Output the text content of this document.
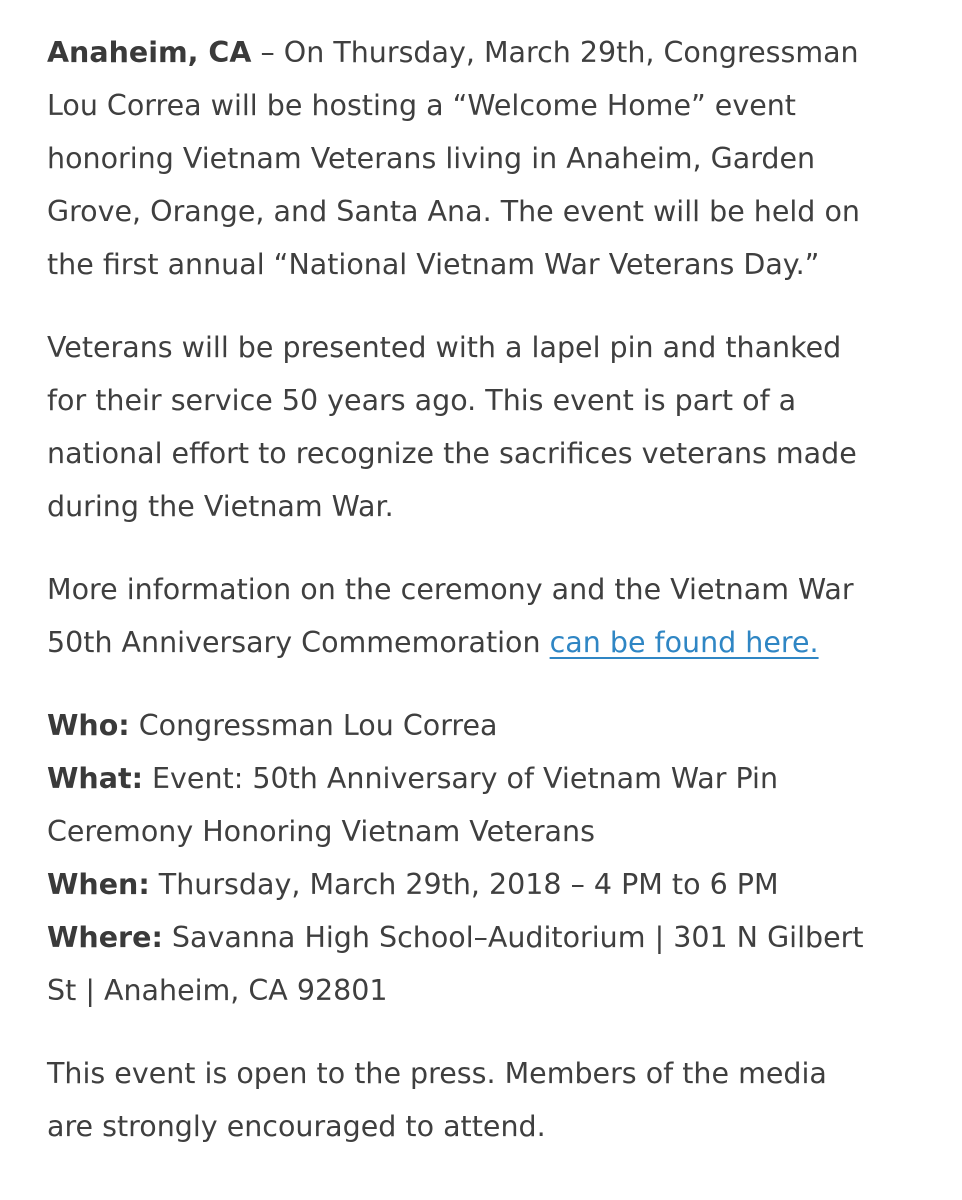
Anaheim, CA – On Thursday, March 29th, Congressman
Lou Correa will be hosting a “Welcome Home” event
honoring Vietnam Veterans living in Anaheim, Garden
Grove, Orange, and Santa Ana. The event will be held on
the first annual “National Vietnam War Veterans Day.”

Veterans will be presented with a lapel pin and thanked
for their service 50 years ago. This event is part of a
national effort to recognize the sacrifices veterans made
during the Vietnam War.

More information on the ceremony and the Vietnam War
50th Anniversary Commemoration can be found here.

Who: Congressman Lou Correa
What: Event: 50th Anniversary of Vietnam War Pin
Ceremony Honoring Vietnam Veterans
When: Thursday, March 29th, 2018 – 4 PM to 6 PM
Where: Savanna High School–Auditorium | 301 N Gilbert
St | Anaheim, CA 92801

This event is open to the press. Members of the media
are strongly encouraged to attend.
